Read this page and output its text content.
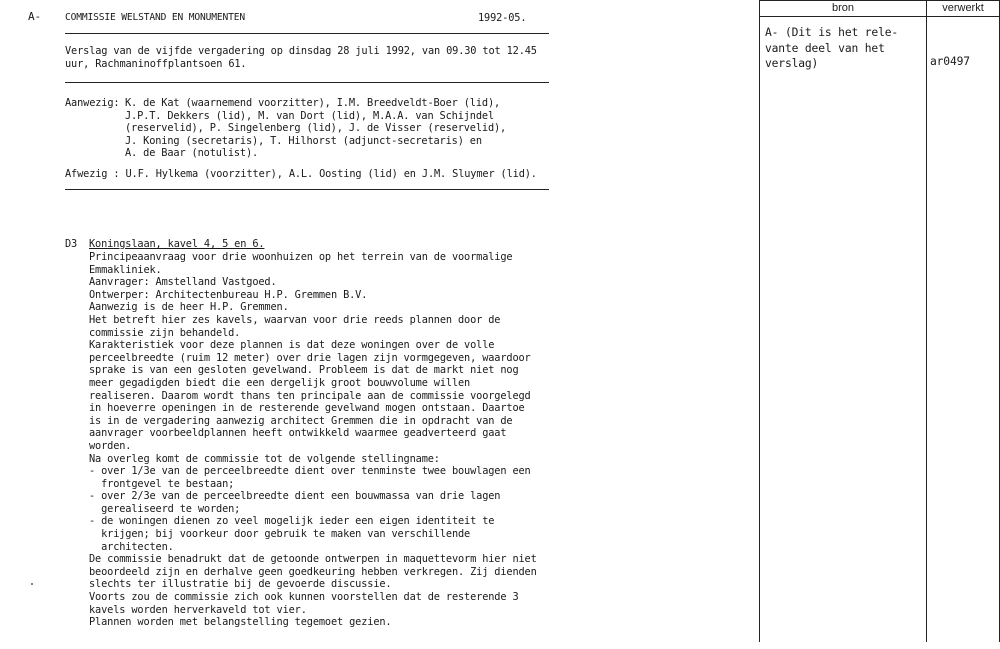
A-	COMMISSIE WELSTAND EN MONUMENTEN	1992-05.
Verslag van de vijfde vergadering op dinsdag 28 juli 1992, van 09.30 tot 12.45
uur, Rachmaninoffplantsoen 61.
Aanwezig: K. de Kat (waarnemend voorzitter), I.M. Breedveldt-Boer (lid),
J.P.T. Dekkers (lid), M. van Dort (lid), M.A.A. van Schijndel
(reservelid), P. Singelenberg (lid), J. de Visser (reservelid),
J. Koning (secretaris), T. Hilhorst (adjunct-secretaris) en
A. de Baar (notulist).
Afwezig : U.F. Hylkema (voorzitter), A.L. Oosting (lid) en J.M. Sluymer (lid).
D3 Koningslaan, kavel 4, 5 en 6.
Principeaanvraag voor drie woonhuizen op het terrein van de voormalige
Emmakliniek.
Aanvrager: Amstelland Vastgoed.
Ontwerper: Architectenbureau H.P. Gremmen B.V.
Aanwezig is de heer H.P. Gremmen.
Het betreft hier zes kavels, waarvan voor drie reeds plannen door de
commissie zijn behandeld.
Karakteristiek voor deze plannen is dat deze woningen over de volle
perceelbreedte (ruim 12 meter) over drie lagen zijn vormgegeven, waardoor
sprake is van een gesloten gevelwand. Probleem is dat de markt niet nog
meer gegadigden biedt die een dergelijk groot bouwvolume willen
realiseren. Daarom wordt thans ten principale aan de commissie voorgelegd
in hoeverre openingen in de resterende gevelwand mogen ontstaan. Daartoe
is in de vergadering aanwezig architect Gremmen die in opdracht van de
aanvrager voorbeeldplannen heeft ontwikkeld waarmee geadverteerd gaat
worden.
Na overleg komt de commissie tot de volgende stellingname:
- over 1/3e van de perceelbreedte dient over tenminste twee bouwlagen een
frontgevel te bestaan;
- over 2/3e van de perceelbreedte dient een bouwmassa van drie lagen
gerealiseerd te worden;
- de woningen dienen zo veel mogelijk ieder een eigen identiteit te
krijgen; bij voorkeur door gebruik te maken van verschillende
architecten.
De commissie benadrukt dat de getoonde ontwerpen in maquettevorm hier niet
beoordeeld zijn en derhalve geen goedkeuring hebben verkregen. Zij dienden
slechts ter illustratie bij de gevoerde discussie.
Voorts zou de commissie zich ook kunnen voorstellen dat de resterende 3
kavels worden herverkaveld tot vier.
Plannen worden met belangstelling tegemoet gezien.
bron	verwerkt
A- (Dit is het rele-
vante deel van het
verslag)	ar0497
